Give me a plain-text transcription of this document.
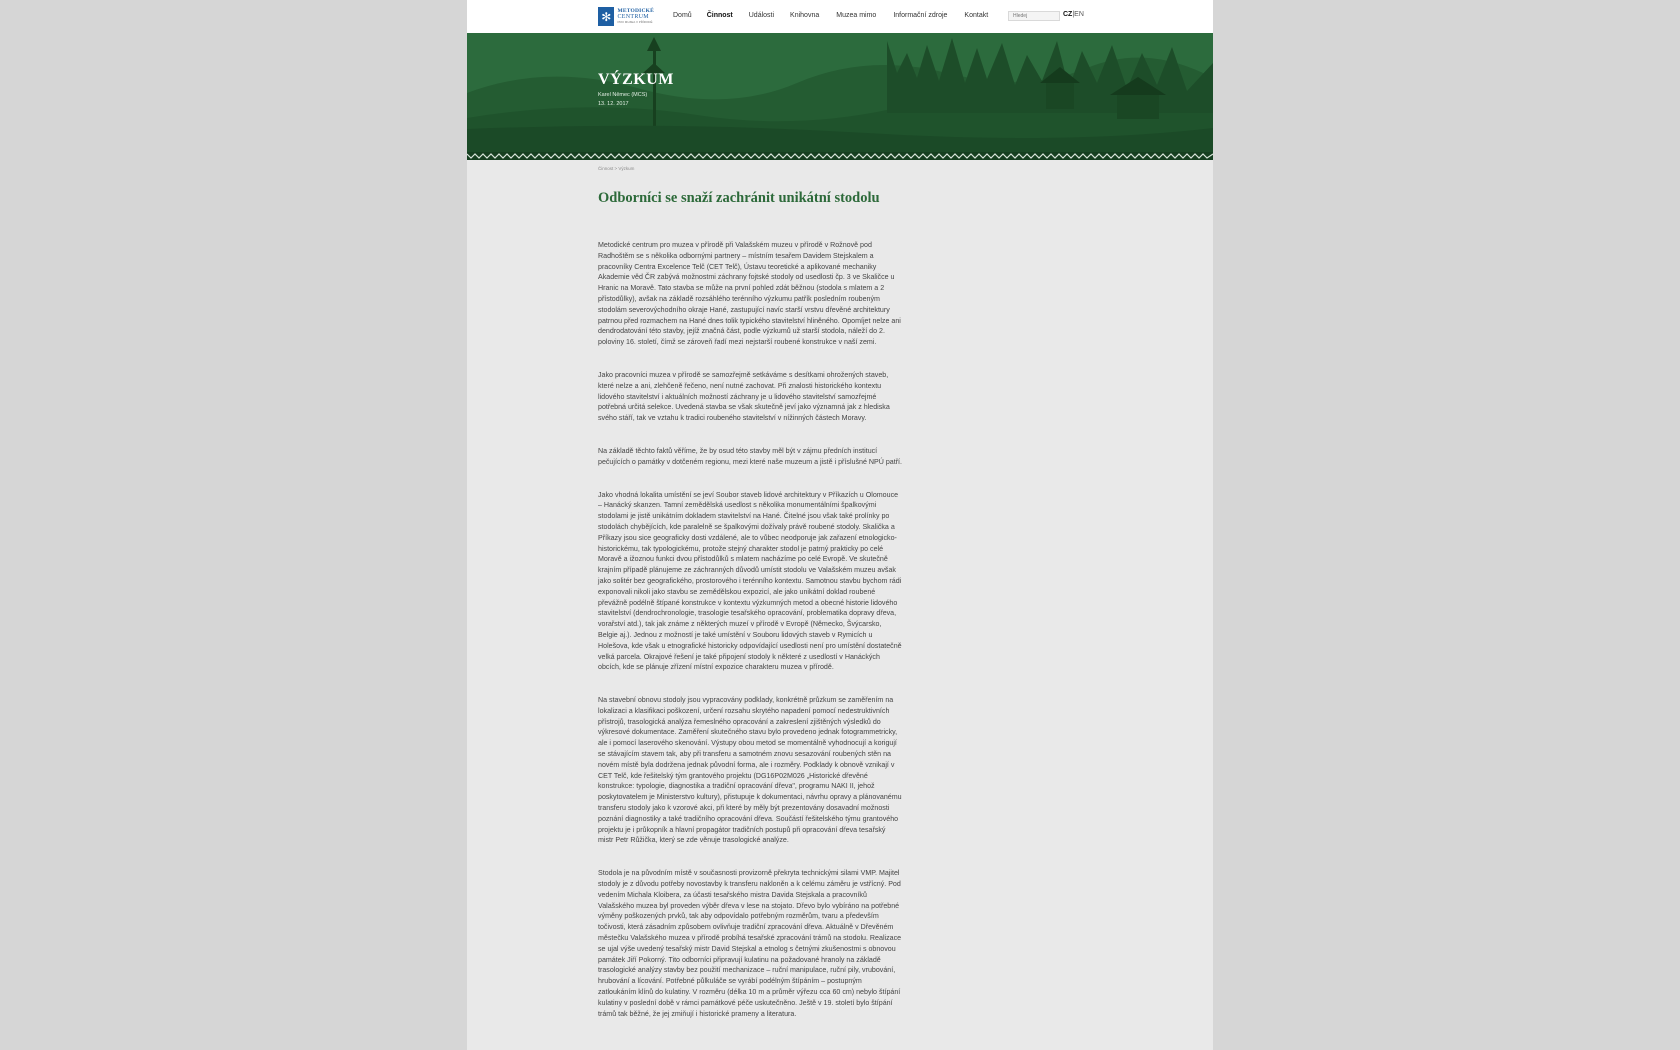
✻	METODICKÉ
CENTRUM
PRO MUZEA V PŘÍRODĚ
Domů Činnost Události Knihovna Muzea mimo Informační zdroje Kontakt
Hledej	CZ|EN
VÝZKUM
Karel Němec (MCS)
13. 12. 2017
Činnost > Výzkum
Odborníci se snaží zachránit unikátní stodolu

Metodické centrum pro muzea v přírodě při Valašském muzeu v přírodě v Rožnově pod Radhoštěm se s několika odbornými partnery – místním tesařem Davidem Stejskalem a pracovníky Centra Excelence Telč (CET Telč), Ústavu teoretické a aplikované mechaniky Akademie věd ČR zabývá možnostmi záchrany fojtské stodoly od usedlosti čp. 3 ve Skaličce u Hranic na Moravě. Tato stavba se může na první pohled zdát běžnou (stodola s mlatem a 2 přístodůlky), avšak na základě rozsáhlého terénního výzkumu patřík posledním roubeným stodolám severovýchodního okraje Hané, zastupující navíc starší vrstvu dřevěné architektury patrnou před rozmachem na Hané dnes tolik typického stavitelství hliněného. Opomíjet nelze ani dendrodatování této stavby, jejíž značná část, podle výzkumů už starší stodola, náleží do 2. poloviny 16. století, čímž se zároveň řadí mezi nejstarší roubené konstrukce v naší zemi.

Jako pracovníci muzea v přírodě se samozřejmě setkáváme s desítkami ohrožených staveb, které nelze a ani, zlehčeně řečeno, není nutné zachovat. Při znalosti historického kontextu lidového stavitelství i aktuálních možností záchrany je u lidového stavitelství samozřejmé potřebná určitá selekce. Uvedená stavba se však skutečně jeví jako významná jak z hlediska svého stáří, tak ve vztahu k tradici roubeného stavitelství v nížinných částech Moravy.

Na základě těchto faktů věříme, že by osud této stavby měl být v zájmu předních institucí pečujících o památky v dotčeném regionu, mezi které naše muzeum a jistě i příslušné NPÚ patří.

Jako vhodná lokalita umístění se jeví Soubor staveb lidové architektury v Příkazích u Olomouce – Hanácký skanzen. Tamní zemědělská usedlost s několika monumentálními špalkovými stodolami je jistě unikátním dokladem stavitelství na Hané. Čitelné jsou však také prolínky po stodolách chybějících, kde paralelně se špalkovými dožívaly právě roubené stodoly. Skalička a Příkazy jsou sice geograficky dosti vzdálené, ale to vůbec neodporuje jak zařazení etnologicko-historickému, tak typologickému, protože stejný charakter stodol je patrný prakticky po celé Moravě a ižoznou funkci dvou přístodůlků s mlatem nacházíme po celé Evropě. Ve skutečně krajním případě plánujeme ze záchranných důvodů umístit stodolu ve Valašském muzeu avšak jako solitér bez geografického, prostorového i terénního kontextu. Samotnou stavbu bychom rádi exponovali nikoli jako stavbu se zemědělskou expozicí, ale jako unikátní doklad roubené převážně podélně štípané konstrukce v kontextu výzkumných metod a obecné historie lidového stavitelství (dendrochronologie, trasologie tesařského opracování, problematika dopravy dřeva, vorařství atd.), tak jak známe z některých muzeí v přírodě v Evropě (Německo, Švýcarsko, Belgie aj.). Jednou z možností je také umístění v Souboru lidových staveb v Rymicích u Holešova, kde však u etnografické historicky odpovídající usedlosti není pro umístění dostatečně velká parcela. Okrajové řešení je také připojení stodoly k některé z usedlostí v Hanáckých obcích, kde se plánuje zřízení místní expozice charakteru muzea v přírodě.

Na stavební obnovu stodoly jsou vypracovány podklady, konkrétně průzkum se zaměřením na lokalizaci a klasifikaci poškození, určení rozsahu skrytého napadení pomocí nedestruktivních přístrojů, trasologická analýza řemeslného opracování a zakreslení zjištěných výsledků do výkresové dokumentace. Zaměření skutečného stavu bylo provedeno jednak fotogrammetricky, ale i pomocí laserového skenování. Výstupy obou metod se momentálně vyhodnocují a korigují se stávajícím stavem tak, aby při transferu a samotném znovu sesazování roubených stěn na novém místě byla dodržena jednak původní forma, ale i rozměry. Podklady k obnově vznikají v CET Telč, kde řešitelský tým grantového projektu (DG16P02M026 „Historické dřevěné konstrukce: typologie, diagnostika a tradiční opracování dřeva", programu NAKI II, jehož poskytovatelem je Ministerstvo kultury), přistupuje k dokumentaci, návrhu opravy a plánovanému transferu stodoly jako k vzorové akci, při které by měly být prezentovány dosavadní možnosti poznání diagnostiky a také tradičního opracování dřeva. Součástí řešitelského týmu grantového projektu je i průkopník a hlavní propagátor tradičních postupů při opracování dřeva tesařský mistr Petr Růžička, který se zde věnuje trasologické analýze.

Stodola je na původním místě v současnosti provizorně překryta technickými silami VMP. Majitel stodoly je z důvodu potřeby novostavby k transferu nakloněn a k celému záměru je vstřícný. Pod vedením Michala Kloibera, za účasti tesařského mistra Davida Stejskala a pracovníků Valašského muzea byl proveden výběr dřeva v lese na stojato. Dřevo bylo vybíráno na potřebné výměny poškozených prvků, tak aby odpovídalo potřebným rozměrům, tvaru a především točivosti, která zásadním způsobem ovlivňuje tradiční zpracování dřeva. Aktuálně v Dřevěném městečku Valašského muzea v přírodě probíhá tesařské zpracování trámů na stodolu. Realizace se ujal výše uvedený tesařský mistr David Stejskal a etnolog s četnými zkušenostmi s obnovou památek Jiří Pokorný. Tito odborníci připravují kulatinu na požadované hranoly na základě trasologické analýzy stavby bez použití mechanizace – ruční manipulace, ruční pily, vrubování, hrubování a lícování. Potřebné půlkuláče se vyrábí podélným štípáním – postupným zatloukáním klínů do kulatiny. V rozměru (délka 10 m a průměr výřezu cca 60 cm) nebylo štípání kulatiny v poslední době v rámci památkové péče uskutečněno. Ještě v 19. století bylo štípání trámů tak běžné, že jej zmiňují i historické prameny a literatura.
